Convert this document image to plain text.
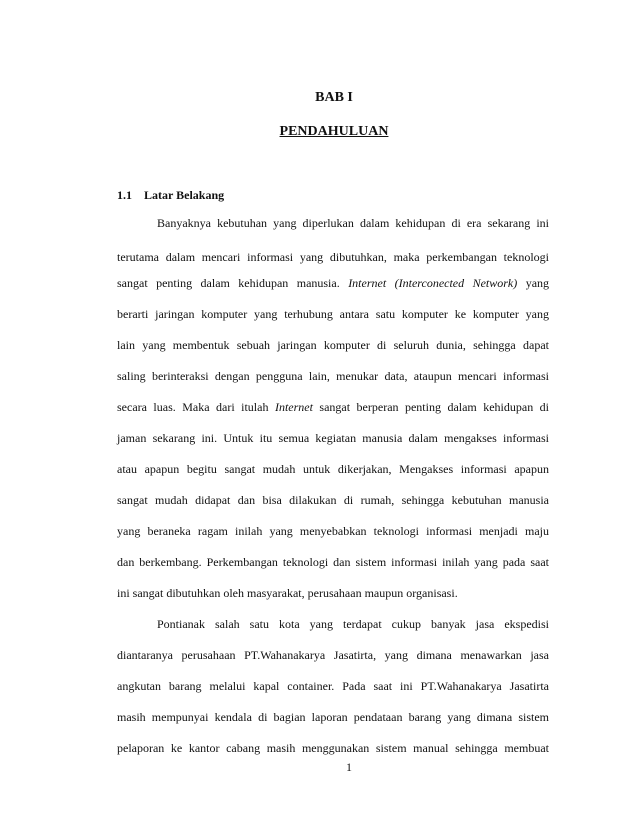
BAB I
PENDAHULUAN
1.1 Latar Belakang
Banyaknya kebutuhan yang diperlukan dalam kehidupan di era sekarang ini
terutama dalam mencari informasi yang dibutuhkan, maka perkembangan teknologi
sangat penting dalam kehidupan manusia. Internet (Interconected Network) yang
berarti jaringan komputer yang terhubung antara satu komputer ke komputer yang
lain yang membentuk sebuah jaringan komputer di seluruh dunia, sehingga dapat
saling berinteraksi dengan pengguna lain, menukar data, ataupun mencari informasi
secara luas. Maka dari itulah Internet sangat berperan penting dalam kehidupan di
jaman sekarang ini. Untuk itu semua kegiatan manusia dalam mengakses informasi
atau apapun begitu sangat mudah untuk dikerjakan, Mengakses informasi apapun
sangat mudah didapat dan bisa dilakukan di rumah, sehingga kebutuhan manusia
yang beraneka ragam inilah yang menyebabkan teknologi informasi menjadi maju
dan berkembang. Perkembangan teknologi dan sistem informasi inilah yang pada saat
ini sangat dibutuhkan oleh masyarakat, perusahaan maupun organisasi.
Pontianak salah satu kota yang terdapat cukup banyak jasa ekspedisi
diantaranya perusahaan PT.Wahanakarya Jasatirta, yang dimana menawarkan jasa
angkutan barang melalui kapal container. Pada saat ini PT.Wahanakarya Jasatirta
masih mempunyai kendala di bagian laporan pendataan barang yang dimana sistem
pelaporan ke kantor cabang masih menggunakan sistem manual sehingga membuat
1
